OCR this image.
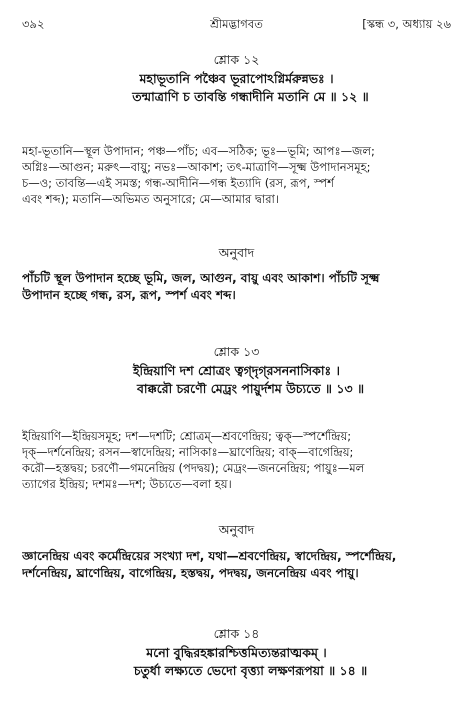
৩৯২	শ্রীমদ্ভাগবত	[স্কন্ধ ৩, অধ্যায় ২৬
শ্লোক ১২
মহাভূতানি পঞ্চৈব ভূরাপোঽগ্নির্মরুন্নভঃ ।
তন্মাত্রাণি চ তাবন্তি গন্ধাদীনি মতানি মে ॥ ১২ ॥
মহা-ভূতানি—স্থূল উপাদান; পঞ্চ—পাঁচ; এব—সঠিক; ভূঃ—ভূমি; আপঃ—জল;
অগ্নিঃ—আগুন; মরুৎ—বায়ু; নভঃ—আকাশ; তৎ-মাত্রাণি—সূক্ষ্ম উপাদানসমূহ;
চ—ও; তাবন্তি—এই সমস্ত; গন্ধ-আদীনি—গন্ধ ইত্যাদি (রস, রূপ, স্পর্শ
এবং শব্দ); মতানি—অভিমত অনুসারে; মে—আমার দ্বারা।
অনুবাদ
পাঁচটি স্থূল উপাদান হচ্ছে ভূমি, জল, আগুন, বায়ু এবং আকাশ। পাঁচটি সূক্ষ্ম
উপাদান হচ্ছে গন্ধ, রস, রূপ, স্পর্শ এবং শব্দ।
শ্লোক ১৩
ইন্দ্রিয়াণি দশ শ্রোত্রং ত্বগ্‌দৃগ্‌রসননাসিকাঃ ।
বাক্করৌ চরণৌ মেঢ্রং পায়ুর্দশম উচ্যতে ॥ ১৩ ॥
ইন্দ্রিয়াণি—ইন্দ্রিয়সমূহ; দশ—দশটি; শ্রোত্রম্—শ্রবণেন্দ্রিয়; ত্বক্—স্পর্শেন্দ্রিয়;
দৃক্—দর্শনেন্দ্রিয়; রসন—স্বাদেন্দ্রিয়; নাসিকাঃ—ঘ্রাণেন্দ্রিয়; বাক্—বাগেন্দ্রিয়;
করৌ—হস্তদ্বয়; চরণৌ—গমনেন্দ্রিয় (পদদ্বয়); মেঢ্রং—জননেন্দ্রিয়; পায়ুঃ—মল
ত্যাগের ইন্দ্রিয়; দশমঃ—দশ; উচ্যতে—বলা হয়।
অনুবাদ
জ্ঞানেন্দ্রিয় এবং কর্মেন্দ্রিয়ের সংখ্যা দশ, যথা—শ্রবণেন্দ্রিয়, স্বাদেন্দ্রিয়, স্পর্শেন্দ্রিয়,
দর্শনেন্দ্রিয়, ঘ্রাণেন্দ্রিয়, বাগেন্দ্রিয়, হস্তদ্বয়, পদদ্বয়, জননেন্দ্রিয় এবং পায়ু।
শ্লোক ১৪
মনো বুদ্ধিরহঙ্কারশ্চিত্তমিত্যন্তরাত্মকম্ ।
চতুর্ধা লক্ষ্যতে ভেদো বৃত্ত্যা লক্ষণরূপয়া ॥ ১৪ ॥
